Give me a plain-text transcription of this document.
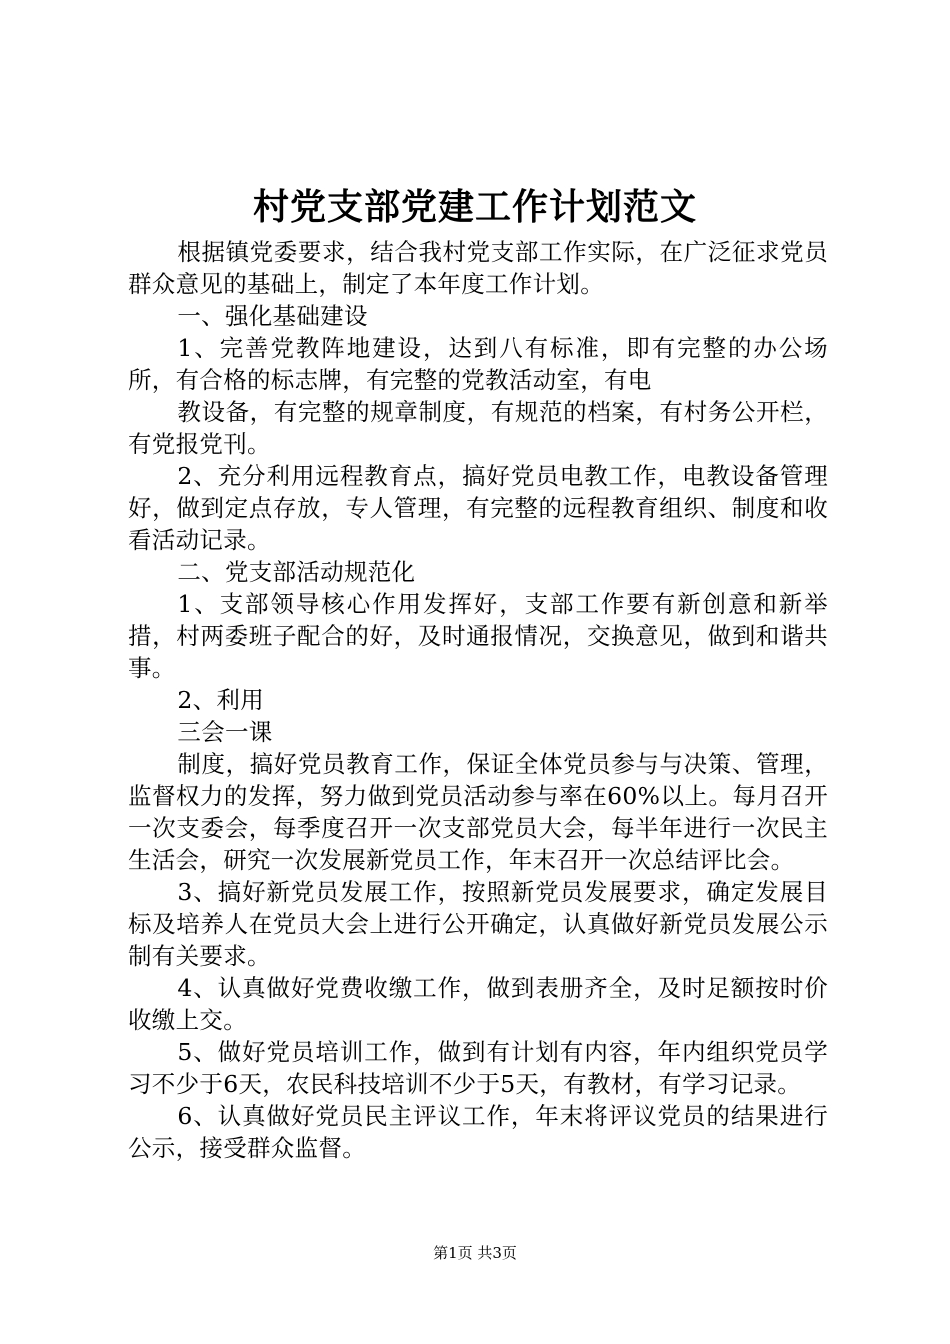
村党支部党建工作计划范文

根据镇党委要求，结合我村党支部工作实际，在广泛征求党员群众意见的基础上，制定了本年度工作计划。

一、强化基础建设

1、完善党教阵地建设，达到八有标准，即有完整的办公场所，有合格的标志牌，有完整的党教活动室，有电

教设备，有完整的规章制度，有规范的档案，有村务公开栏，有党报党刊。

2、充分利用远程教育点，搞好党员电教工作，电教设备管理好，做到定点存放，专人管理，有完整的远程教育组织、制度和收看活动记录。

二、党支部活动规范化

1、支部领导核心作用发挥好，支部工作要有新创意和新举措，村两委班子配合的好，及时通报情况，交换意见，做到和谐共事。

2、利用

三会一课

制度，搞好党员教育工作，保证全体党员参与与决策、管理，监督权力的发挥，努力做到党员活动参与率在60%以上。每月召开一次支委会，每季度召开一次支部党员大会，每半年进行一次民主生活会，研究一次发展新党员工作，年末召开一次总结评比会。

3、搞好新党员发展工作，按照新党员发展要求，确定发展目标及培养人在党员大会上进行公开确定，认真做好新党员发展公示制有关要求。

4、认真做好党费收缴工作，做到表册齐全，及时足额按时价收缴上交。

5、做好党员培训工作，做到有计划有内容，年内组织党员学习不少于6天，农民科技培训不少于5天，有教材，有学习记录。

6、认真做好党员民主评议工作，年末将评议党员的结果进行公示，接受群众监督。

第1页 共3页
